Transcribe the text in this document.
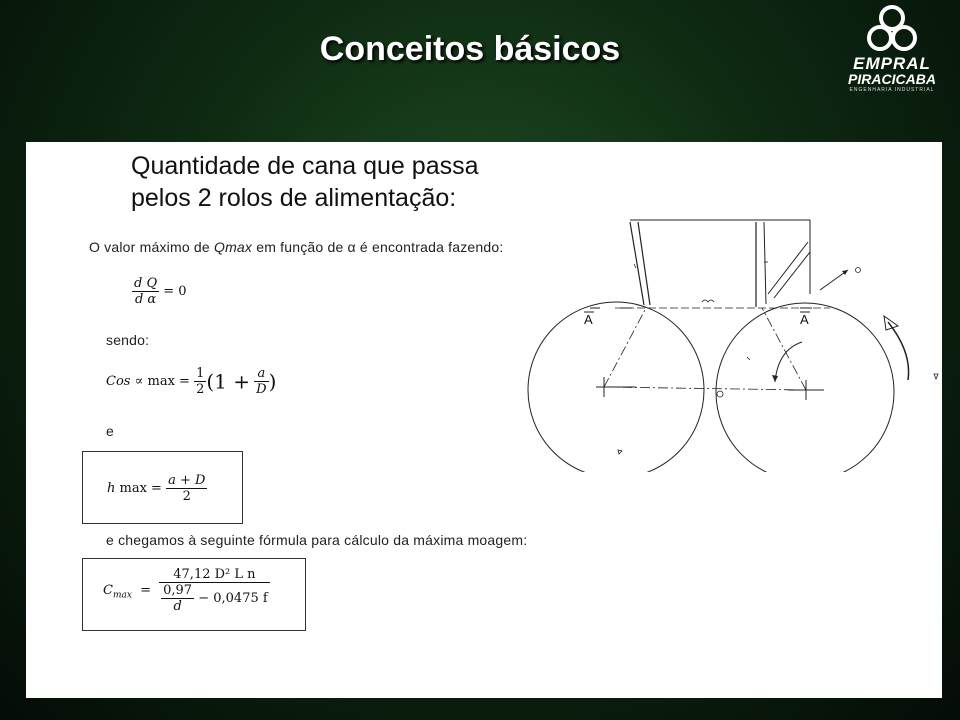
Conceitos básicos	EMPRAL
PIRACICABA
ENGENHARIA INDUSTRIAL
Quantidade de cana que passa
pelos 2 rolos de alimentação:
O valor máximo de Qmax em função de α é encontrada fazendo:
$\frac{\text{d Q}}{\text{d α}} = 0$
sendo:
Cos ∝ $\max = \frac{1}{2} (1 + \frac{a}{D}$ )
e
h $\max = \frac{a + D}{2}$
e chegamos à seguinte fórmula para cálculo da máxima moagem:
$C_{max} = \frac{\text{47,12 D² L n}}{\frac{0,97}{d} - 0,0475 f}$
A	A
